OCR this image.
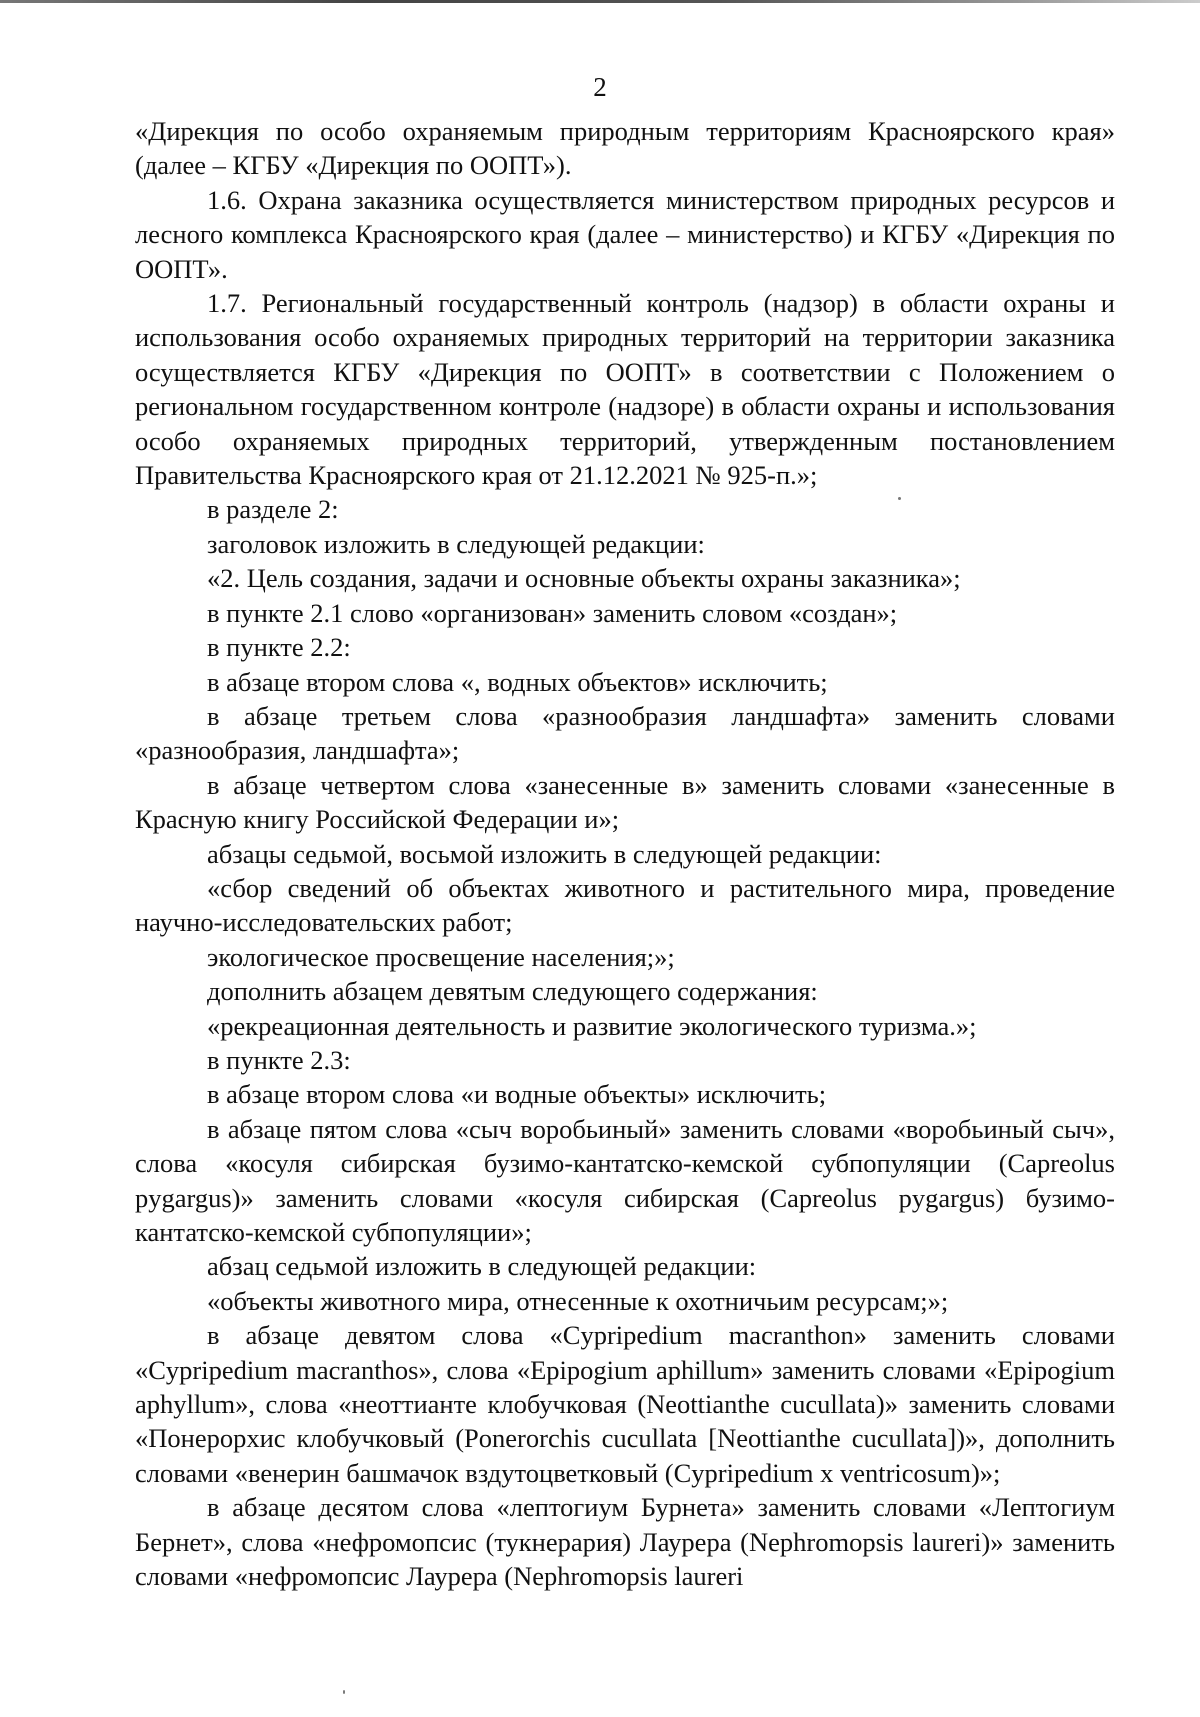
2

«Дирекция по особо охраняемым природным территориям Красноярского края» (далее – КГБУ «Дирекция по ООПТ»).

1.6. Охрана заказника осуществляется министерством природных ресурсов и лесного комплекса Красноярского края (далее – министерство) и КГБУ «Дирекция по ООПТ».

1.7. Региональный государственный контроль (надзор) в области охраны и использования особо охраняемых природных территорий на территории заказника осуществляется КГБУ «Дирекция по ООПТ» в соответствии с Положением о региональном государственном контроле (надзоре) в области охраны и использования особо охраняемых природных территорий, утвержденным постановлением Правительства Красноярского края от 21.12.2021 № 925-п.»;

в разделе 2:

заголовок изложить в следующей редакции:

«2. Цель создания, задачи и основные объекты охраны заказника»;

в пункте 2.1 слово «организован» заменить словом «создан»;

в пункте 2.2:

в абзаце втором слова «, водных объектов» исключить;

в абзаце третьем слова «разнообразия ландшафта» заменить словами «разнообразия, ландшафта»;

в абзаце четвертом слова «занесенные в» заменить словами «занесенные в Красную книгу Российской Федерации и»;

абзацы седьмой, восьмой изложить в следующей редакции:

«сбор сведений об объектах животного и растительного мира, проведение научно-исследовательских работ;

экологическое просвещение населения;»;

дополнить абзацем девятым следующего содержания:

«рекреационная деятельность и развитие экологического туризма.»;

в пункте 2.3:

в абзаце втором слова «и водные объекты» исключить;

в абзаце пятом слова «сыч воробьиный» заменить словами «воробьиный сыч», слова «косуля сибирская бузимо-кантатско-кемской субпопуляции (Capreolus pygargus)» заменить словами «косуля сибирская (Capreolus pygargus) бузимо-кантатско-кемской субпопуляции»;

абзац седьмой изложить в следующей редакции:

«объекты животного мира, отнесенные к охотничьим ресурсам;»;

в абзаце девятом слова «Cypripedium macranthon» заменить словами «Cypripedium macranthos», слова «Epipogium aphillum» заменить словами «Epipogium aphyllum», слова «неоттианте клобучковая (Neottianthe cucullata)» заменить словами «Понерорхис клобучковый (Ponerorchis cucullata [Neottianthe cucullata])», дополнить словами «венерин башмачок вздутоцветковый (Cypripedium x ventricosum)»;

в абзаце десятом слова «лептогиум Бурнета» заменить словами «Лептогиум Бернет», слова «нефромопсис (тукнерария) Лаурера (Nephromopsis laureri)» заменить словами «нефромопсис Лаурера (Nephromopsis laureri
